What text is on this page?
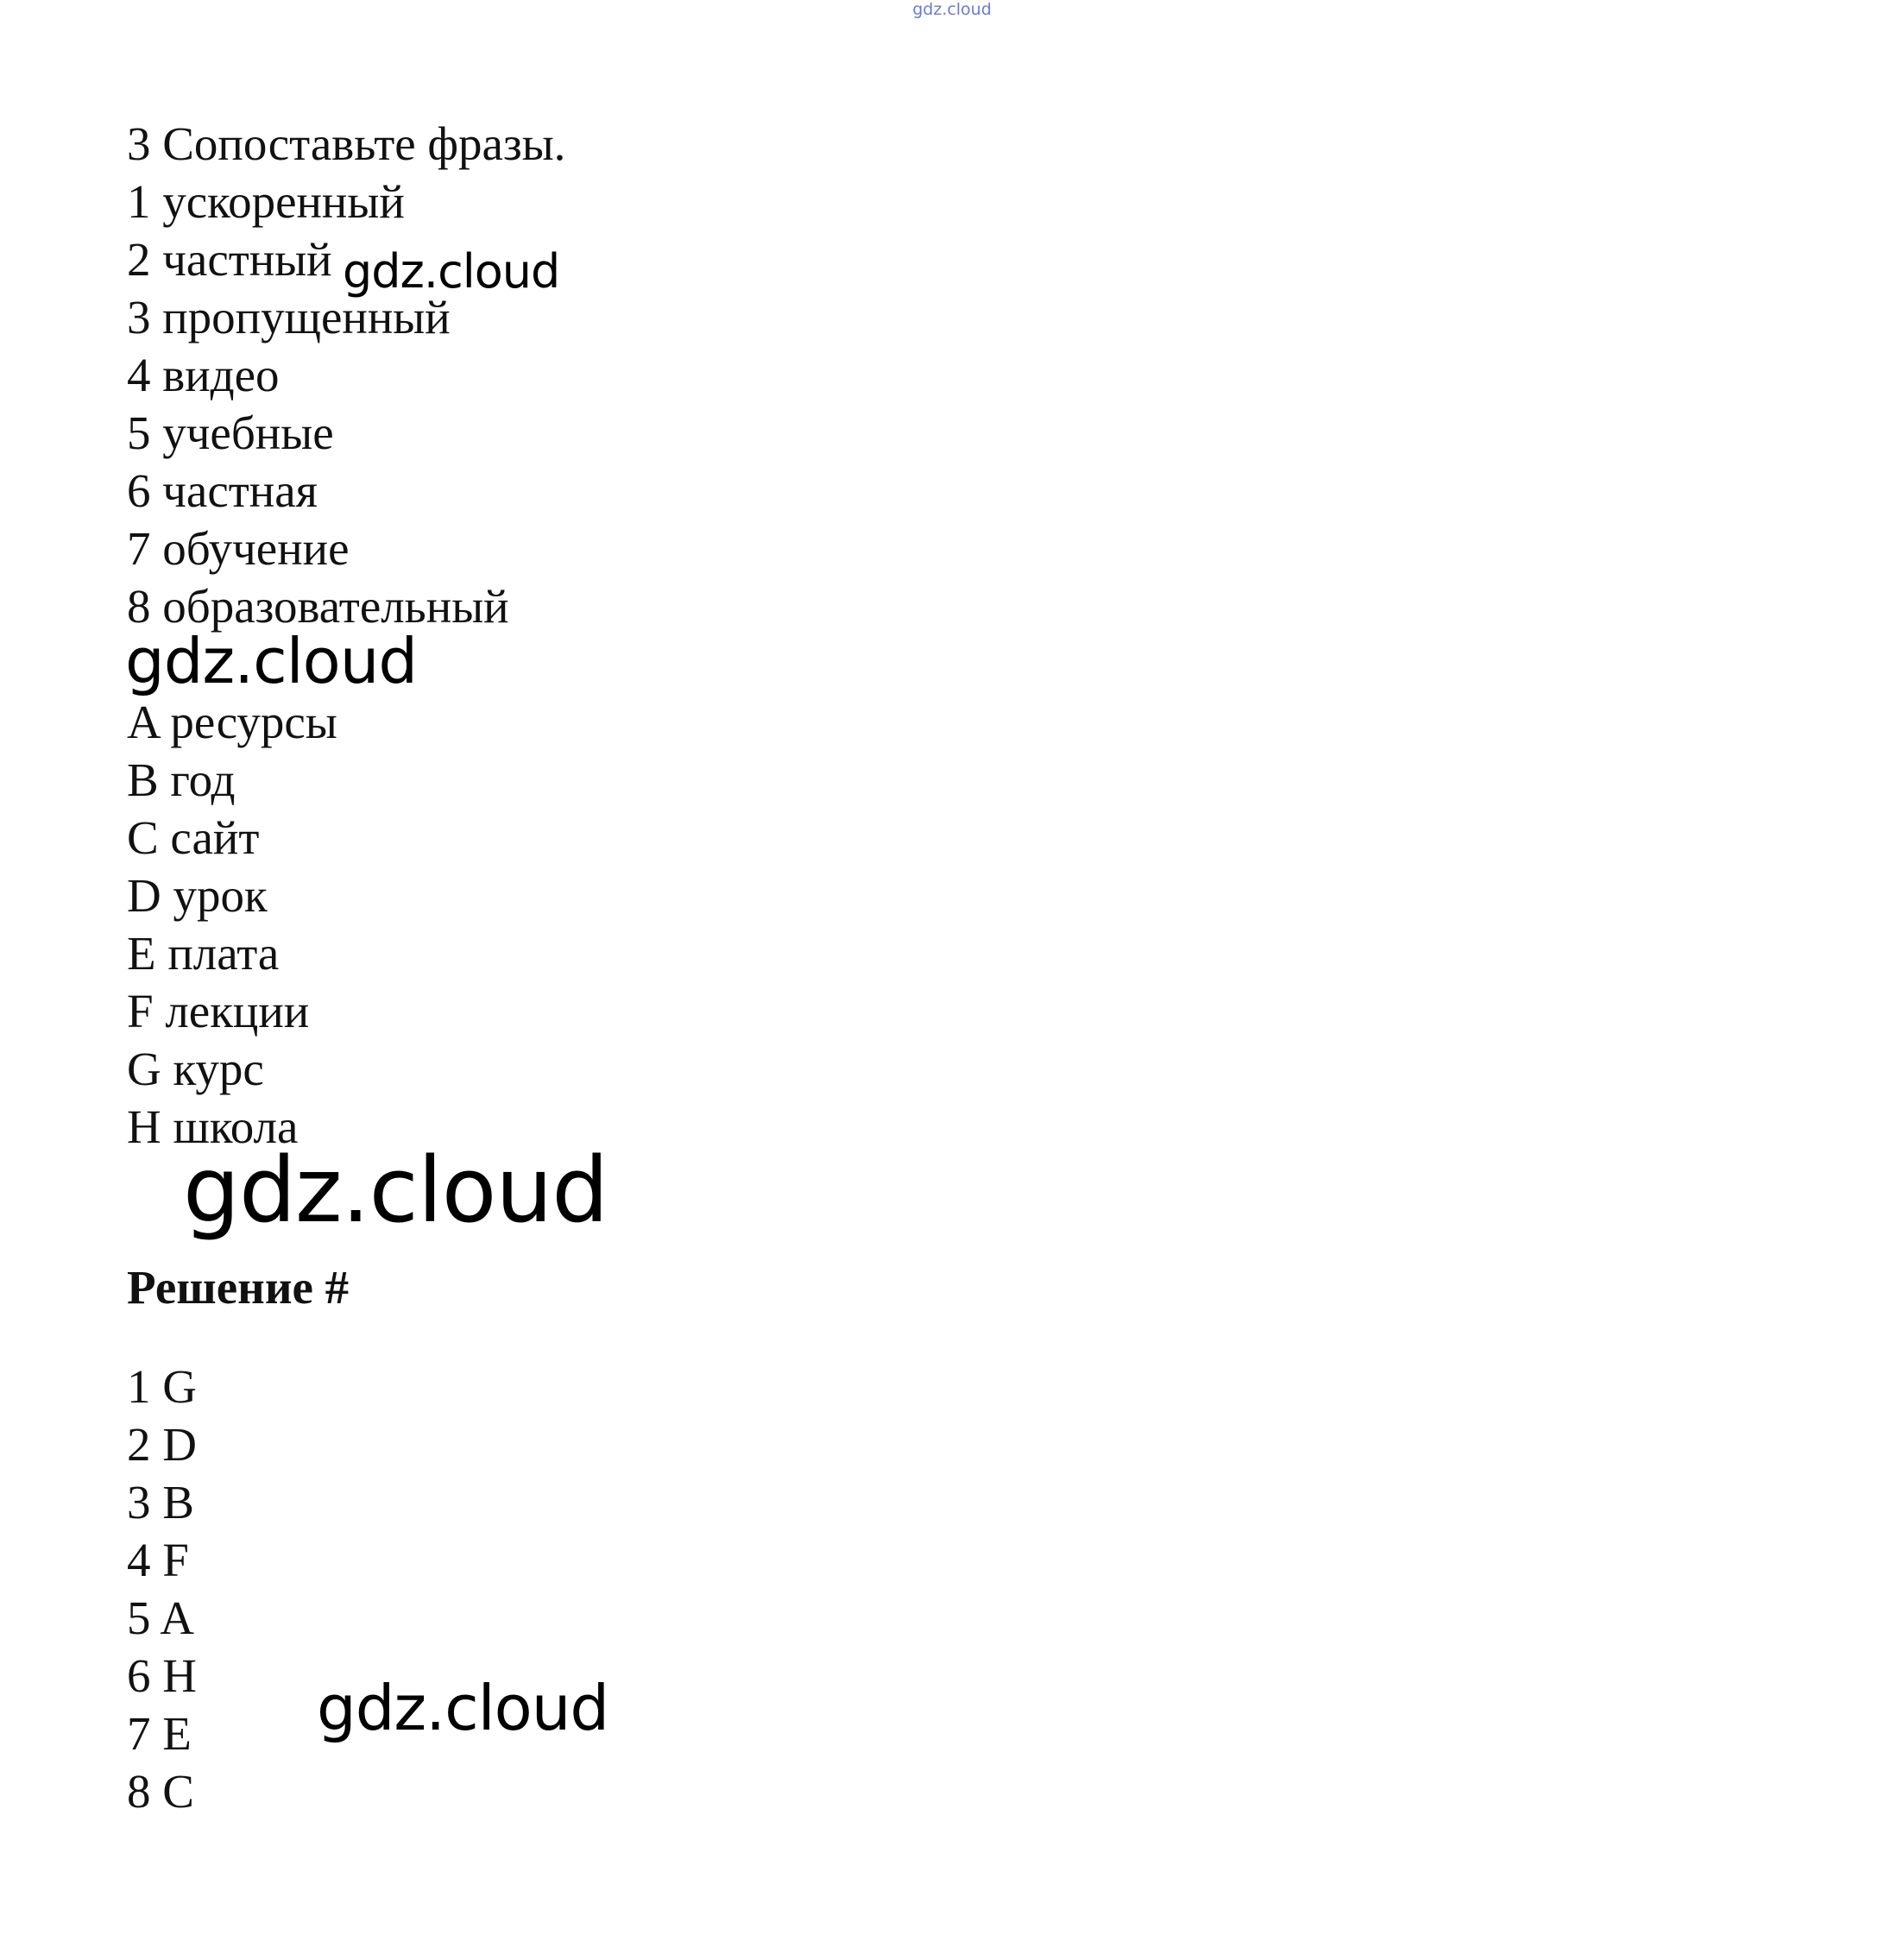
gdz.cloud
3 Сопоставьте фразы.
1 ускоренный
2 частный
3 пропущенный
4 видео
5 учебные
6 частная
7 обучение
8 образовательный
A ресурсы
B год
C сайт
D урок
E плата
F лекции
G курс
H школа
Решение #
1 G
2 D
3 B
4 F
5 A
6 H
7 E
8 C
gdz.cloud
gdz.cloud
gdz.cloud
gdz.cloud
